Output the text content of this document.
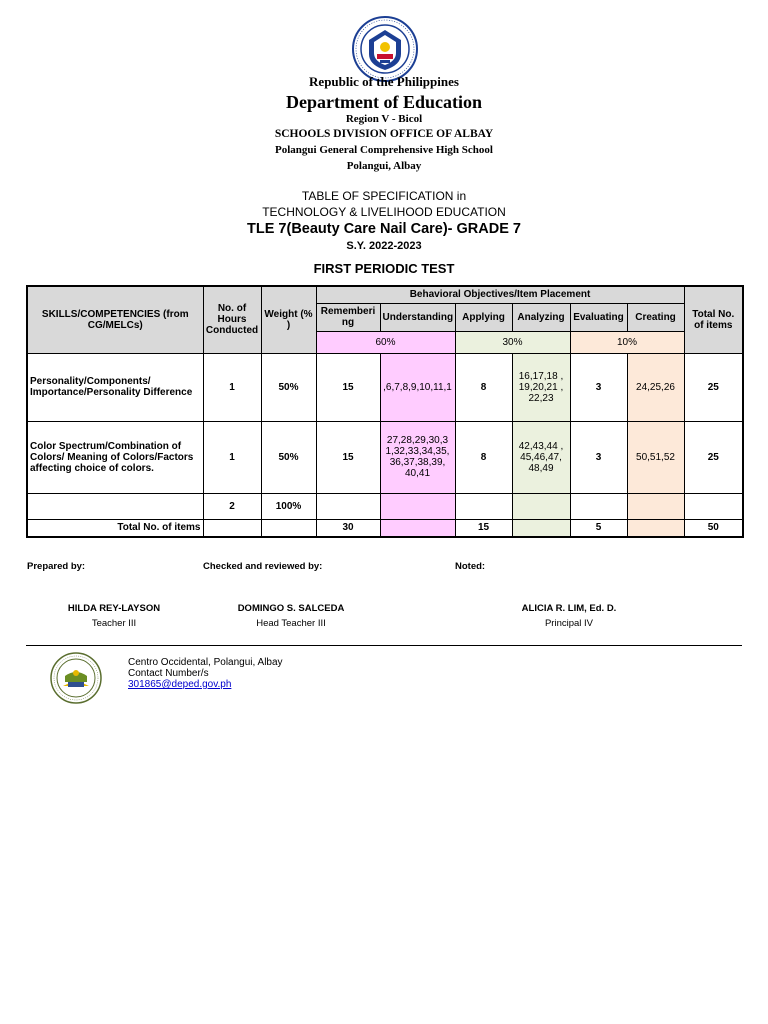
Republic of the Philippines
Department of Education
Region V - Bicol
SCHOOLS DIVISION OFFICE OF ALBAY
Polangui General Comprehensive High School
Polangui, Albay
TABLE OF SPECIFICATION in
TECHNOLOGY & LIVELIHOOD EDUCATION
TLE 7(Beauty Care Nail Care)- GRADE 7
S.Y. 2022-2023
FIRST PERIODIC TEST
SKILLS/COMPETENCIES (from CG/MELCs)	No. of Hours Conducted	Weight (% )	Behavioral Objectives/Item Placement						Total No. of items
			Rememberi ng	Understanding	Applying	Analyzing	Evaluating	Creating	
			60%		30%		10%		
Personality/Components/ Importance/Personality Difference	1	50%	15	,6,7,8,9,10,11,1	8	16,17,18 , 19,20,21 , 22,23	3	24,25,26	25
Color Spectrum/Combination of Colors/ Meaning of Colors/Factors affecting choice of colors.	1	50%	15	27,28,29,30,3 1,32,33,34,35, 36,37,38,39, 40,41	8	42,43,44 , 45,46,47, 48,49	3	50,51,52	25
	2	100%							
Total No. of items			30		15		5		50
Prepared by:	Checked and reviewed by:	Noted:
HILDA REY-LAYSON
Teacher III
DOMINGO S. SALCEDA
Head Teacher III
ALICIA R. LIM, Ed. D.
Principal IV
Centro Occidental, Polangui, Albay
Contact Number/s
301865@deped.gov.ph
